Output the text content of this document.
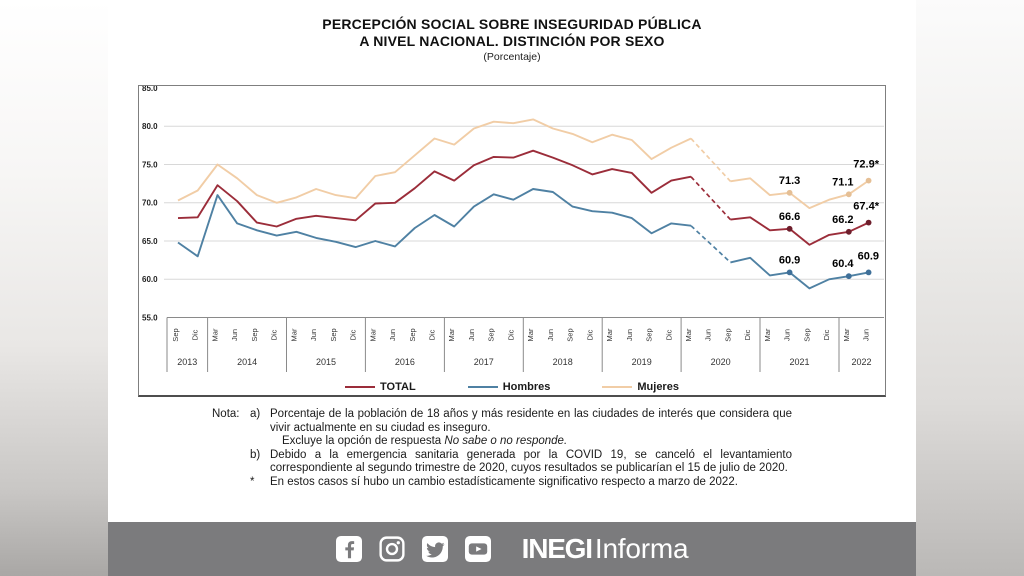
PERCEPCIÓN SOCIAL SOBRE INSEGURIDAD PÚBLICA
A NIVEL NACIONAL. DISTINCIÓN POR SEXO
(Porcentaje)
85.0
80.0
75.0
70.0
65.0
60.0
55.0
Sep Dic Mar Jun Sep Dic Mar Jun Sep Dic Mar Jun Sep Dic Mar Jun Sep Dic Mar Jun Sep Dic Mar Jun Sep Dic Mar Jun Sep Dic Mar Jun Sep Dic Mar Jun
2013	2014	2015	2016	2017	2018	2019	2020	2021	2022
66.6
60.9
71.3
66.2
60.4
71.1
67.4*
60.9
72.9*
TOTAL	Hombres	Mujeres
Nota: a) Porcentaje de la población de 18 años y más residente en las ciudades de interés que considera que vivir actualmente en su ciudad es inseguro.
Excluye la opción de respuesta No sabe o no responde.
b) Debido a la emergencia sanitaria generada por la COVID 19, se canceló el levantamiento correspondiente al segundo trimestre de 2020, cuyos resultados se publicarían el 15 de julio de 2020.
*	En estos casos sí hubo un cambio estadísticamente significativo respecto a marzo de 2022.
INEGI Informa
